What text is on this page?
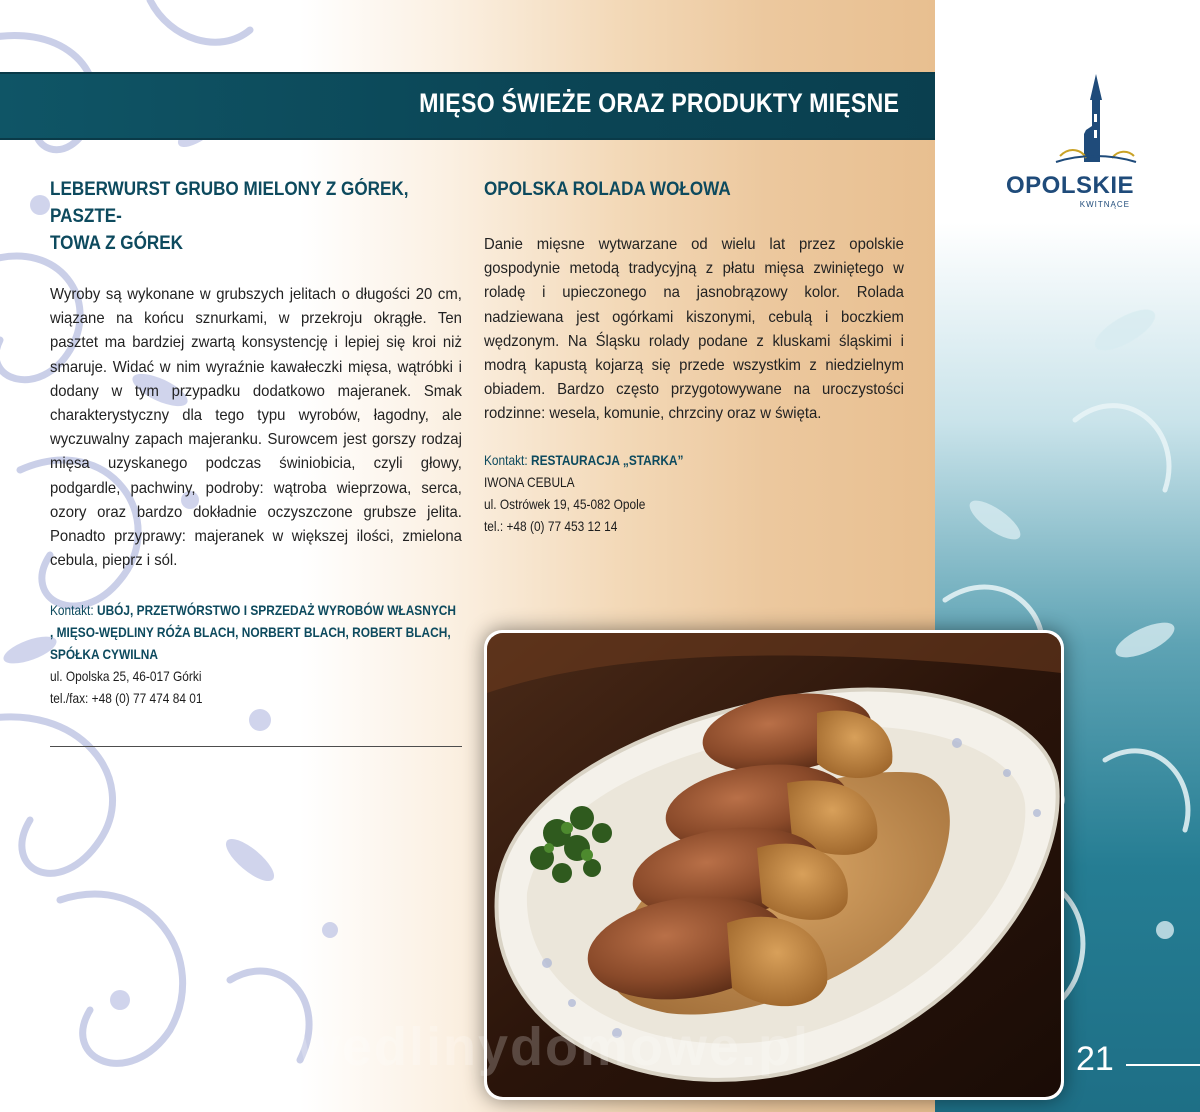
MIĘSO ŚWIEŻE ORAZ PRODUKTY MIĘSNE
OPOLSKIE
KWITNĄCE
LEBERWURST GRUBO MIELONY Z GÓREK, PASZTE-
TOWA Z GÓREK

Wyroby są wykonane w grubszych jelitach o długości 20 cm, wiązane na końcu sznurkami, w przekroju okrągłe. Ten pasztet ma bardziej zwartą konsystencję i lepiej się kroi niż smaruje. Widać w nim wyraźnie kawałeczki mięsa, wątróbki i dodany w tym przypadku dodatkowo majeranek. Smak charakterystyczny dla tego typu wyrobów, łagodny, ale wyczuwalny zapach majeranku. Surowcem jest gorszy rodzaj mięsa uzyskanego podczas świniobicia, czyli głowy, podgardle, pachwiny, podroby: wątroba wieprzowa, serca, ozory oraz bardzo dokładnie oczyszczone grubsze jelita. Ponadto przyprawy: majeranek w większej ilości, zmielona cebula, pieprz i sól.

Kontakt: UBÓJ, PRZETWÓRSTWO I SPRZEDAŻ WYROBÓW WŁASNYCH , MIĘSO-WĘDLINY RÓŻA BLACH, NORBERT BLACH, ROBERT BLACH, SPÓŁKA CYWILNA
ul. Opolska 25, 46-017 Górki
tel./fax: +48 (0) 77 474 84 01
OPOLSKA ROLADA WOŁOWA

Danie mięsne wytwarzane od wielu lat przez opolskie gospodynie metodą tradycyjną z płatu mięsa zwiniętego w roladę i upieczonego na jasnobrązowy kolor. Rolada nadziewana jest ogórkami kiszonymi, cebulą i boczkiem wędzonym. Na Śląsku rolady podane z kluskami śląskimi i modrą kapustą kojarzą się przede wszystkim z niedzielnym obiadem. Bardzo często przygotowywane na uroczystości rodzinne: wesela, komunie, chrzciny oraz w święta.

Kontakt: RESTAURACJA „STARKA”
IWONA CEBULA
ul. Ostrówek 19, 45-082 Opole
tel.: +48 (0) 77 453 12 14
wedlinydomowe.pl	21
